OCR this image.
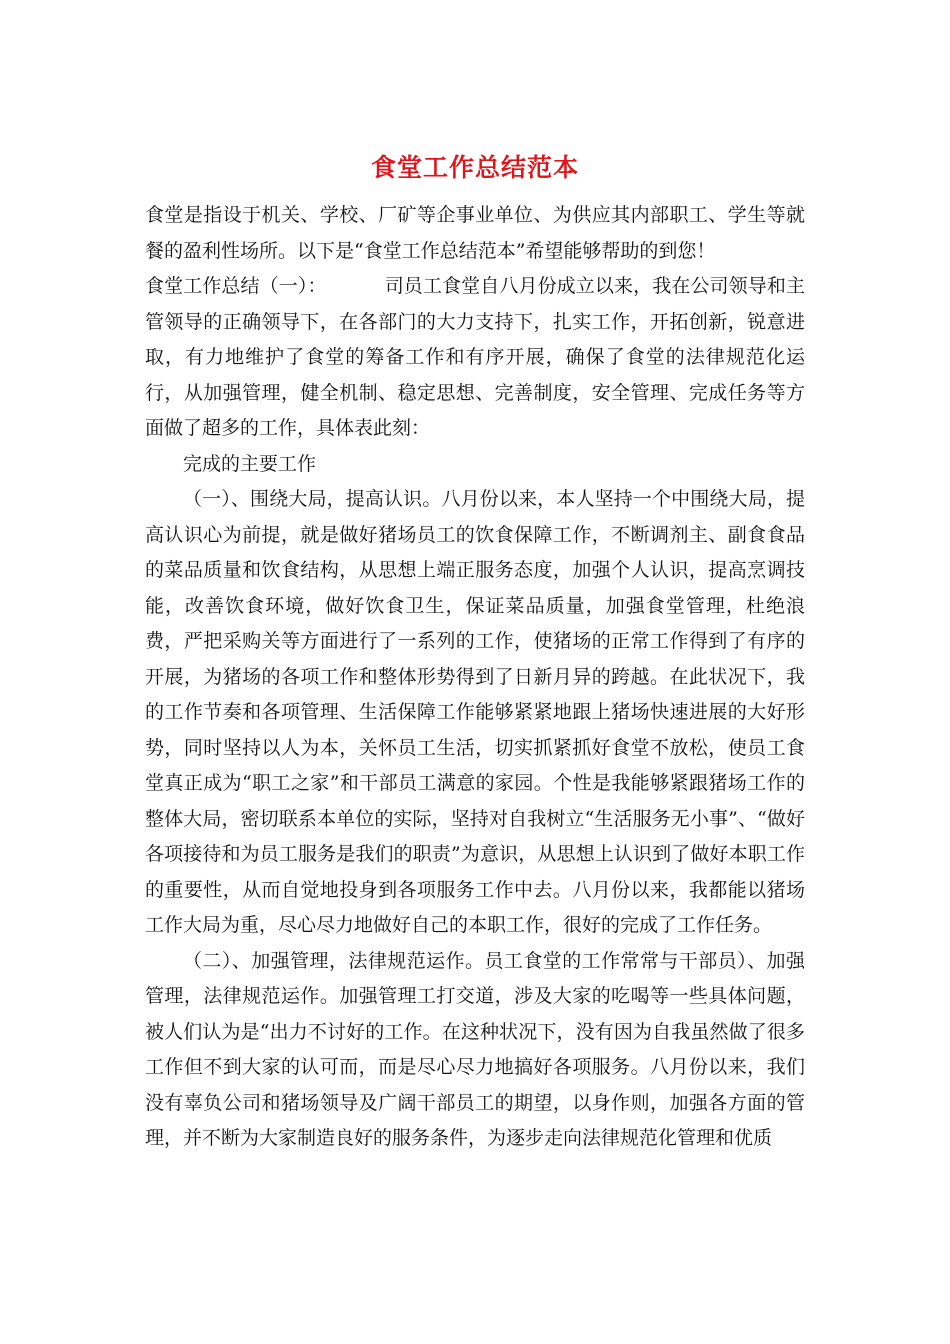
食堂工作总结范本

食堂是指设于机关、学校、厂矿等企事业单位、为供应其内部职工、学生等就餐的盈利性场所。以下是“食堂工作总结范本”希望能够帮助的到您！

食堂工作总结（一）：	司员工食堂自八月份成立以来，我在公司领导和主管领导的正确领导下，在各部门的大力支持下，扎实工作，开拓创新，锐意进取，有力地维护了食堂的筹备工作和有序开展，确保了食堂的法律规范化运行，从加强管理，健全机制、稳定思想、完善制度，安全管理、完成任务等方面做了超多的工作，具体表此刻：

完成的主要工作

（一）、围绕大局，提高认识。八月份以来，本人坚持一个中围绕大局，提高认识心为前提，就是做好猪场员工的饮食保障工作，不断调剂主、副食食品的菜品质量和饮食结构，从思想上端正服务态度，加强个人认识，提高烹调技能，改善饮食环境，做好饮食卫生，保证菜品质量，加强食堂管理，杜绝浪费，严把采购关等方面进行了一系列的工作，使猪场的正常工作得到了有序的开展，为猪场的各项工作和整体形势得到了日新月异的跨越。在此状况下，我的工作节奏和各项管理、生活保障工作能够紧紧地跟上猪场快速进展的大好形势，同时坚持以人为本，关怀员工生活，切实抓紧抓好食堂不放松，使员工食堂真正成为“职工之家”和干部员工满意的家园。个性是我能够紧跟猪场工作的整体大局，密切联系本单位的实际，坚持对自我树立“生活服务无小事”、“做好各项接待和为员工服务是我们的职责”为意识，从思想上认识到了做好本职工作的重要性，从而自觉地投身到各项服务工作中去。八月份以来，我都能以猪场工作大局为重，尽心尽力地做好自己的本职工作，很好的完成了工作任务。

（二）、加强管理，法律规范运作。员工食堂的工作常常与干部员）、加强管理，法律规范运作。加强管理工打交道，涉及大家的吃喝等一些具体问题，被人们认为是“出力不讨好的工作。在这种状况下，没有因为自我虽然做了很多工作但不到大家的认可而，而是尽心尽力地搞好各项服务。八月份以来，我们没有辜负公司和猪场领导及广阔干部员工的期望，以身作则，加强各方面的管理，并不断为大家制造良好的服务条件，为逐步走向法律规范化管理和优质
